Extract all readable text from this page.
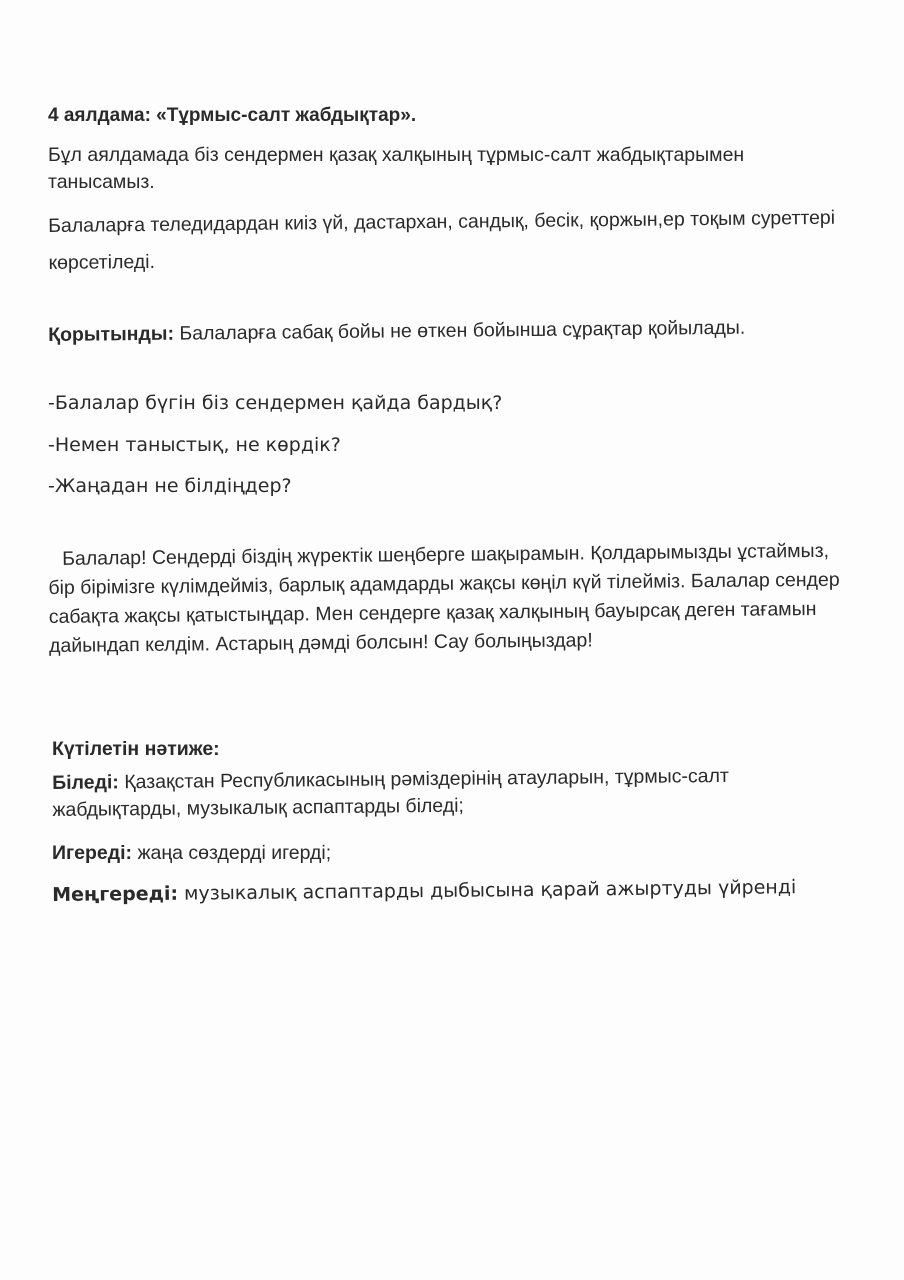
4 аялдама: «Тұрмыс-салт жабдықтар».

Бұл аялдамада біз сендермен қазақ халқының тұрмыс-салт жабдықтарымен танысамыз.

Балаларға теледидардан киіз үй, дастархан, сандық, бесік, қоржын,ер тоқым суреттері көрсетіледі.

Қорытынды: Балаларға сабақ бойы не өткен бойынша сұрақтар қойылады.

-Балалар бүгін біз сендермен қайда бардық?

-Немен таныстық, не көрдік?

-Жаңадан не білдіңдер?

Балалар! Сендерді біздің жүректік шеңберге шақырамын. Қолдарымызды ұстаймыз, бір бірімізге күлімдейміз, барлық адамдарды жақсы көңіл күй тілейміз. Балалар сендер сабақта жақсы қатыстыңдар. Мен сендерге қазақ халқының бауырсақ деген тағамын дайындап келдім. Астарың дәмді болсын! Сау болыңыздар!

Күтілетін нәтиже:

Біледі: Қазақстан Республикасының рәміздерінің атауларын, тұрмыс-салт жабдықтарды, музыкалық аспаптарды біледі;

Игереді: жаңа сөздерді игерді;

Меңгереді: музыкалық аспаптарды дыбысына қарай ажыртуды үйренді
